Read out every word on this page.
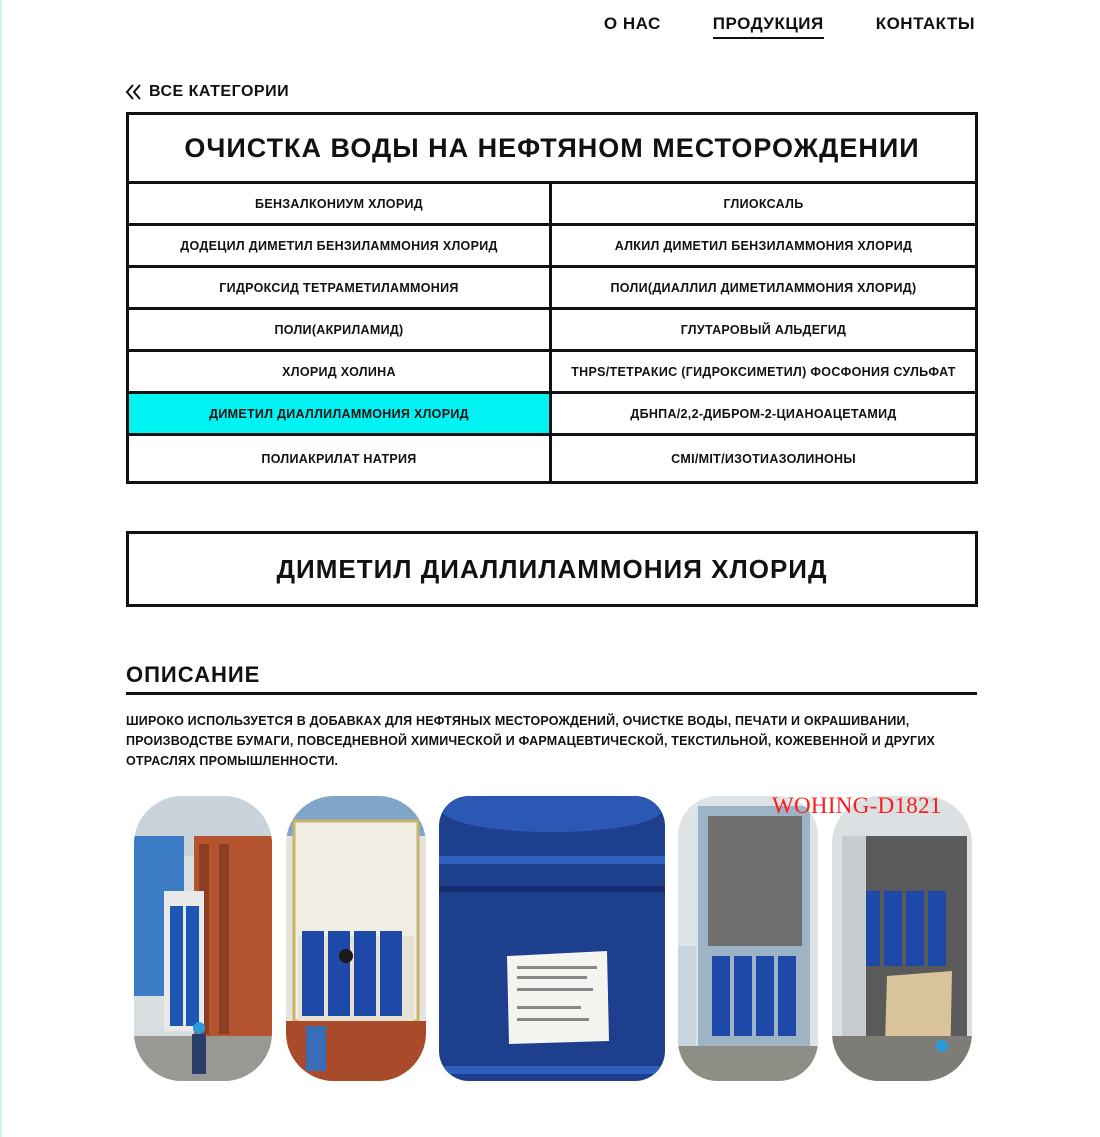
О НАС	ПРОДУКЦИЯ	КОНТАКТЫ
ВСЕ КАТЕГОРИИ
ОЧИСТКА ВОДЫ НА НЕФТЯНОМ МЕСТОРОЖДЕНИИ
БЕНЗАЛКОНИУМ ХЛОРИД	ГЛИОКСАЛЬ
ДОДЕЦИЛ ДИМЕТИЛ БЕНЗИЛАММОНИЯ ХЛОРИД	АЛКИЛ ДИМЕТИЛ БЕНЗИЛАММОНИЯ ХЛОРИД
ГИДРОКСИД ТЕТРАМЕТИЛАММОНИЯ	ПОЛИ(ДИАЛЛИЛ ДИМЕТИЛАММОНИЯ ХЛОРИД)
ПОЛИ(АКРИЛАМИД)	ГЛУТАРОВЫЙ АЛЬДЕГИД
ХЛОРИД ХОЛИНА	THPS/ТЕТРАКИС (ГИДРОКСИМЕТИЛ) ФОСФОНИЯ СУЛЬФАТ
ДИМЕТИЛ ДИАЛЛИЛАММОНИЯ ХЛОРИД	ДБНПА/2,2-ДИБРОМ-2-ЦИАНОАЦЕТАМИД
ПОЛИАКРИЛАТ НАТРИЯ	CMI/MIT/ИЗОТИАЗОЛИНОНЫ
ДИМЕТИЛ ДИАЛЛИЛАММОНИЯ ХЛОРИД
ОПИСАНИЕ
ШИРОКО ИСПОЛЬЗУЕТСЯ В ДОБАВКАХ ДЛЯ НЕФТЯНЫХ МЕСТОРОЖДЕНИЙ, ОЧИСТКЕ ВОДЫ, ПЕЧАТИ И ОКРАШИВАНИИ, ПРОИЗВОДСТВЕ БУМАГИ, ПОВСЕДНЕВНОЙ ХИМИЧЕСКОЙ И ФАРМАЦЕВТИЧЕСКОЙ, ТЕКСТИЛЬНОЙ, КОЖЕВЕННОЙ И ДРУГИХ ОТРАСЛЯХ ПРОМЫШЛЕННОСТИ.
WOHING-D1821
